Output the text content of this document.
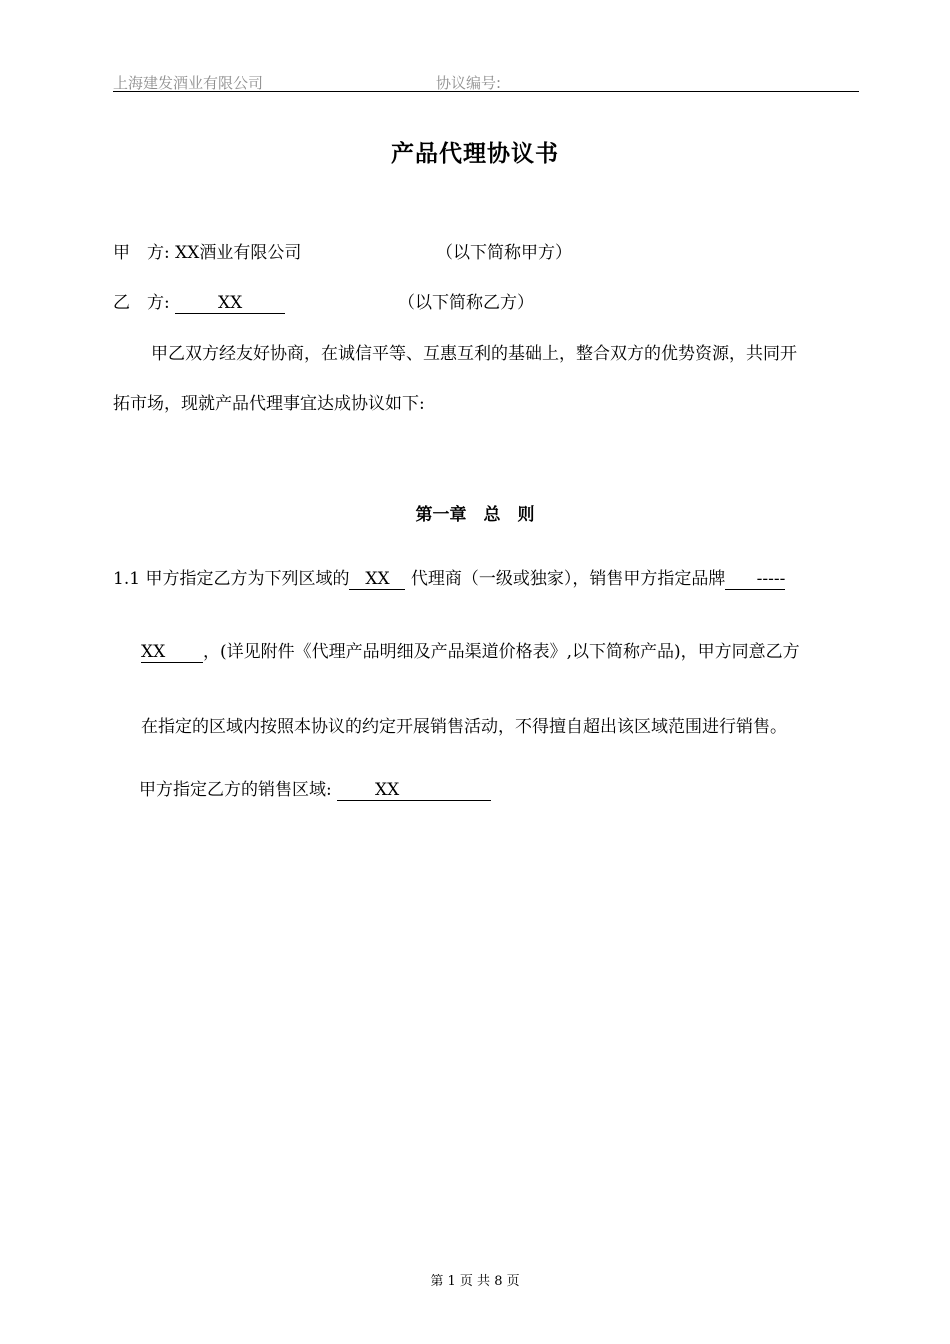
上海建发酒业有限公司	协议编号:
产品代理协议书
甲　方: XX酒业有限公司	（以下简称甲方）
乙　方:	XX	（以下简称乙方）
甲乙双方经友好协商，在诚信平等、互惠互利的基础上，整合双方的优势资源，共同开
拓市场，现就产品代理事宜达成协议如下:
第一章　总　则
1.1 甲方指定乙方为下列区域的 XX 代理商（一级或独家），销售甲方指定品牌 -----
XX ，(详见附件《代理产品明细及产品渠道价格表》,以下简称产品)，甲方同意乙方
在指定的区域内按照本协议的约定开展销售活动，不得擅自超出该区域范围进行销售。
甲方指定乙方的销售区域:	XX
第 1 页 共 8 页
